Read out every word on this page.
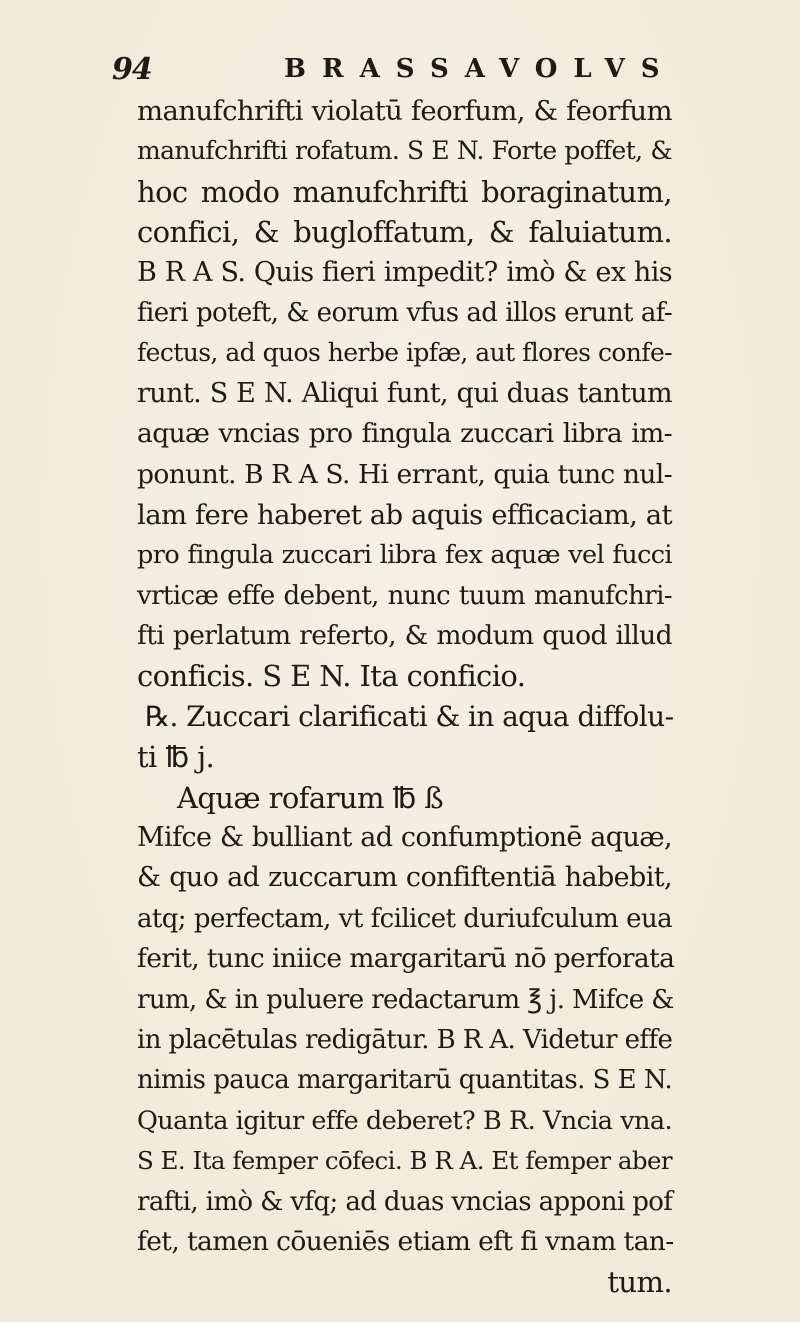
94	BRASSAVOLVS
manufchrifti violatū feorfum, & feorfum
manufchrifti rofatum. S E N. Forte poffet, &
hoc modo manufchrifti boraginatum,
confici, & bugloffatum, & faluiatum.
B R A S. Quis fieri impedit? imò & ex his
fieri poteft, & eorum vfus ad illos erunt af-
fectus, ad quos herbe ipfæ, aut flores confe-
runt. S E N. Aliqui funt, qui duas tantum
aquæ vncias pro fingula zuccari libra im-
ponunt. B R A S. Hi errant, quia tunc nul-
lam fere haberet ab aquis efficaciam, at
pro fingula zuccari libra fex aquæ vel fucci
vrticæ effe debent, nunc tuum manufchri-
fti perlatum referto, & modum quod illud
conficis. S E N. Ita conficio.
℞. Zuccari clarificati & in aqua diffolu-
ti ℔ j.
Aquæ rofarum ℔ ß
Mifce & bulliant ad confumptionē aquæ,
& quo ad zuccarum confiftentiā habebit,
atq; perfectam, vt fcilicet duriufculum eua
ferit, tunc iniice margaritarū nō perforata
rum, & in puluere redactarum ℥ j. Mifce &
in placētulas redigātur. B R A. Videtur effe
nimis pauca margaritarū quantitas. S E N.
Quanta igitur effe deberet? B R. Vncia vna.
S E. Ita femper cōfeci. B R A. Et femper aber
rafti, imò & vfq; ad duas vncias apponi pof
fet, tamen cōueniēs etiam eft fi vnam tan-
tum.
